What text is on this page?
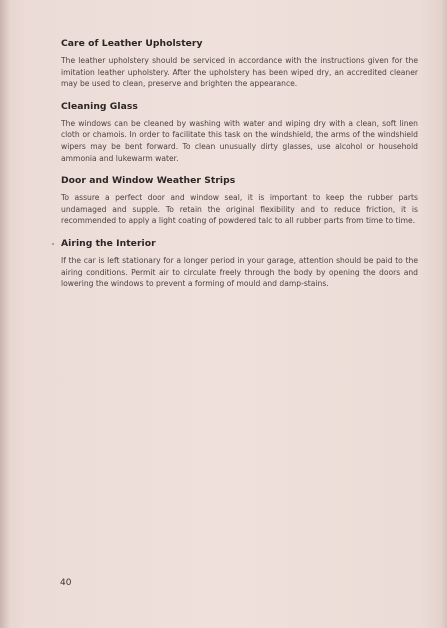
Care of Leather Upholstery

The leather upholstery should be serviced in accordance with the instructions given for the imitation leather upholstery. After the upholstery has been wiped dry, an accredited cleaner may be used to clean, preserve and brighten the appearance.

Cleaning Glass

The windows can be cleaned by washing with water and wiping dry with a clean, soft linen cloth or chamois. In order to facilitate this task on the windshield, the arms of the windshield wipers may be bent forward. To clean unusually dirty glasses, use alcohol or household ammonia and lukewarm water.

Door and Window Weather Strips

To assure a perfect door and window seal, it is important to keep the rubber parts undamaged and supple. To retain the original flexibility and to reduce friction, it is recommended to apply a light coating of powdered talc to all rubber parts from time to time.

Airing the Interior

If the car is left stationary for a longer period in your garage, attention should be paid to the airing conditions. Permit air to circulate freely through the body by opening the doors and lowering the windows to prevent a forming of mould and damp-stains.

40
